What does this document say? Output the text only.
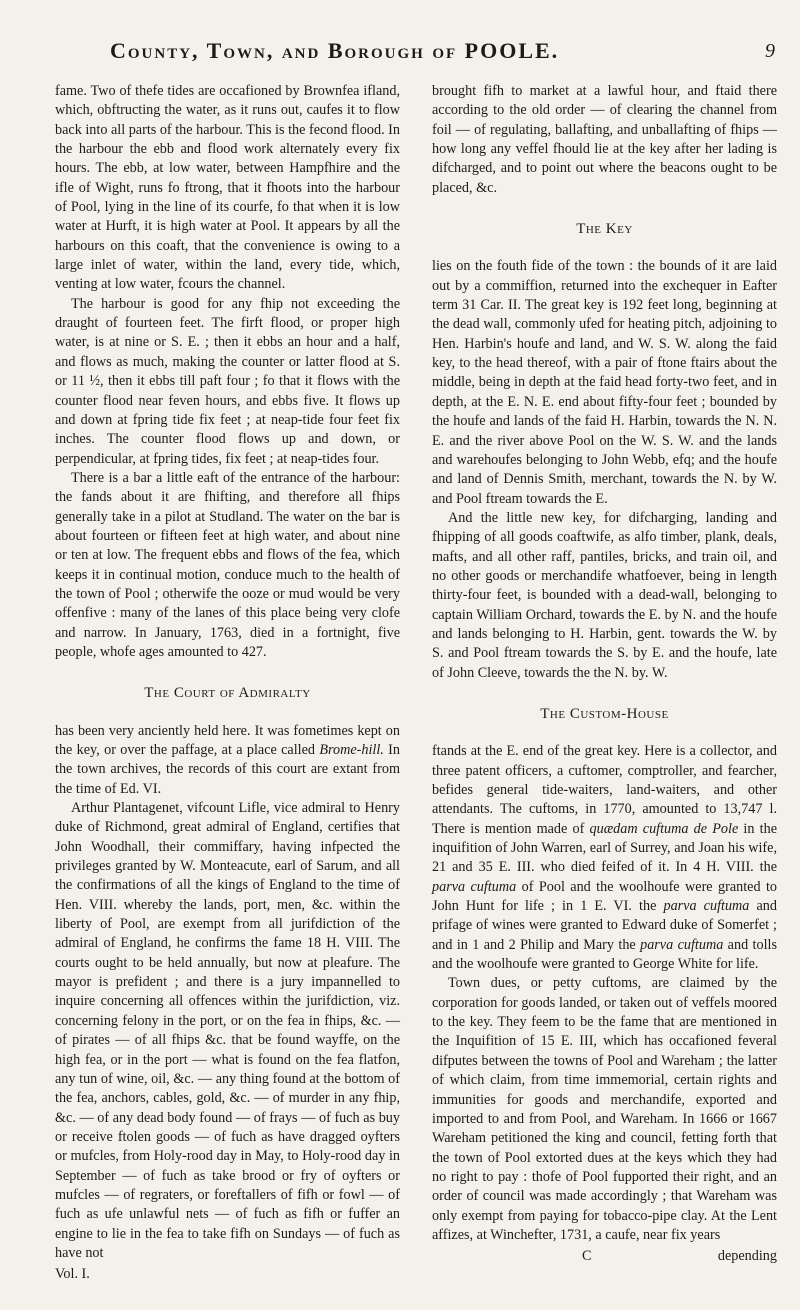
County, Town, and Borough of POOLE.	9

fame. Two of thefe tides are occafioned by Brownfea ifland, which, obftructing the water, as it runs out, caufes it to flow back into all parts of the harbour. This is the fecond flood. In the harbour the ebb and flood work alternately every fix hours. The ebb, at low water, between Hampfhire and the ifle of Wight, runs fo ftrong, that it fhoots into the harbour of Pool, lying in the line of its courfe, fo that when it is low water at Hurft, it is high water at Pool. It appears by all the harbours on this coaft, that the convenience is owing to a large inlet of water, within the land, every tide, which, venting at low water, fcours the channel.

The harbour is good for any fhip not exceeding the draught of fourteen feet. The firft flood, or proper high water, is at nine or S. E. ; then it ebbs an hour and a half, and flows as much, making the counter or latter flood at S. or 11 ½, then it ebbs till paft four ; fo that it flows with the counter flood near feven hours, and ebbs five. It flows up and down at fpring tide fix feet ; at neap-tide four feet fix inches. The counter flood flows up and down, or perpendicular, at fpring tides, fix feet ; at neap-tides four.

There is a bar a little eaft of the entrance of the harbour: the fands about it are fhifting, and therefore all fhips generally take in a pilot at Studland. The water on the bar is about fourteen or fifteen feet at high water, and about nine or ten at low. The frequent ebbs and flows of the fea, which keeps it in continual motion, conduce much to the health of the town of Pool ; otherwife the ooze or mud would be very offenfive : many of the lanes of this place being very clofe and narrow. In January, 1763, died in a fortnight, five people, whofe ages amounted to 427.

The Court of Admiralty

has been very anciently held here. It was fometimes kept on the key, or over the paffage, at a place called Brome-hill. In the town archives, the records of this court are extant from the time of Ed. VI.

Arthur Plantagenet, vifcount Lifle, vice admiral to Henry duke of Richmond, great admiral of England, certifies that John Woodhall, their commiffary, having infpected the privileges granted by W. Monteacute, earl of Sarum, and all the confirmations of all the kings of England to the time of Hen. VIII. whereby the lands, port, men, &c. within the liberty of Pool, are exempt from all jurifdiction of the admiral of England, he confirms the fame 18 H. VIII. The courts ought to be held annually, but now at pleafure. The mayor is prefident ; and there is a jury impannelled to inquire concerning all offences within the jurifdiction, viz. concerning felony in the port, or on the fea in fhips, &c. — of pirates — of all fhips &c. that be found wayffe, on the high fea, or in the port — what is found on the fea flatfon, any tun of wine, oil, &c. — any thing found at the bottom of the fea, anchors, cables, gold, &c. — of murder in any fhip, &c. — of any dead body found — of frays — of fuch as buy or receive ftolen goods — of fuch as have dragged oyfters or mufcles, from Holy-rood day in May, to Holy-rood day in September — of fuch as take brood or fry of oyfters or mufcles — of regraters, or foreftallers of fifh or fowl — of fuch as ufe unlawful nets — of fuch as fifh or fuffer an engine to lie in the fea to take fifh on Sundays — of fuch as have not

Vol. I.

brought fifh to market at a lawful hour, and ftaid there according to the old order — of clearing the channel from foil — of regulating, ballafting, and unballafting of fhips — how long any veffel fhould lie at the key after her lading is difcharged, and to point out where the beacons ought to be placed, &c.

The Key

lies on the fouth fide of the town : the bounds of it are laid out by a commiffion, returned into the exchequer in Eafter term 31 Car. II. The great key is 192 feet long, beginning at the dead wall, commonly ufed for heating pitch, adjoining to Hen. Harbin's houfe and land, and W. S. W. along the faid key, to the head thereof, with a pair of ftone ftairs about the middle, being in depth at the faid head forty-two feet, and in depth, at the E. N. E. end about fifty-four feet ; bounded by the houfe and lands of the faid H. Harbin, towards the N. N. E. and the river above Pool on the W. S. W. and the lands and warehoufes belonging to John Webb, efq; and the houfe and land of Dennis Smith, merchant, towards the N. by W. and Pool ftream towards the E.

And the little new key, for difcharging, landing and fhipping of all goods coaftwife, as alfo timber, plank, deals, mafts, and all other raff, pantiles, bricks, and train oil, and no other goods or merchandife whatfoever, being in length thirty-four feet, is bounded with a dead-wall, belonging to captain William Orchard, towards the E. by N. and the houfe and lands belonging to H. Harbin, gent. towards the W. by S. and Pool ftream towards the S. by E. and the houfe, late of John Cleeve, towards the the N. by. W.

The Custom-House

ftands at the E. end of the great key. Here is a collector, and three patent officers, a cuftomer, comptroller, and fearcher, befides general tide-waiters, land-waiters, and other attendants. The cuftoms, in 1770, amounted to 13,747 l. There is mention made of quædam cuftuma de Pole in the inquifition of John Warren, earl of Surrey, and Joan his wife, 21 and 35 E. III. who died feifed of it. In 4 H. VIII. the parva cuftuma of Pool and the woolhoufe were granted to John Hunt for life ; in 1 E. VI. the parva cuftuma and prifage of wines were granted to Edward duke of Somerfet ; and in 1 and 2 Philip and Mary the parva cuftuma and tolls and the woolhoufe were granted to George White for life.

Town dues, or petty cuftoms, are claimed by the corporation for goods landed, or taken out of veffels moored to the key. They feem to be the fame that are mentioned in the Inquifition of 15 E. III, which has occafioned feveral difputes between the towns of Pool and Wareham ; the latter of which claim, from time immemorial, certain rights and immunities for goods and merchandife, exported and imported to and from Pool, and Wareham. In 1666 or 1667 Wareham petitioned the king and council, fetting forth that the town of Pool extorted dues at the keys which they had no right to pay : thofe of Pool fupported their right, and an order of council was made accordingly ; that Wareham was only exempt from paying for tobacco-pipe clay. At the Lent affizes, at Winchefter, 1731, a caufe, near fix years

C	depending
